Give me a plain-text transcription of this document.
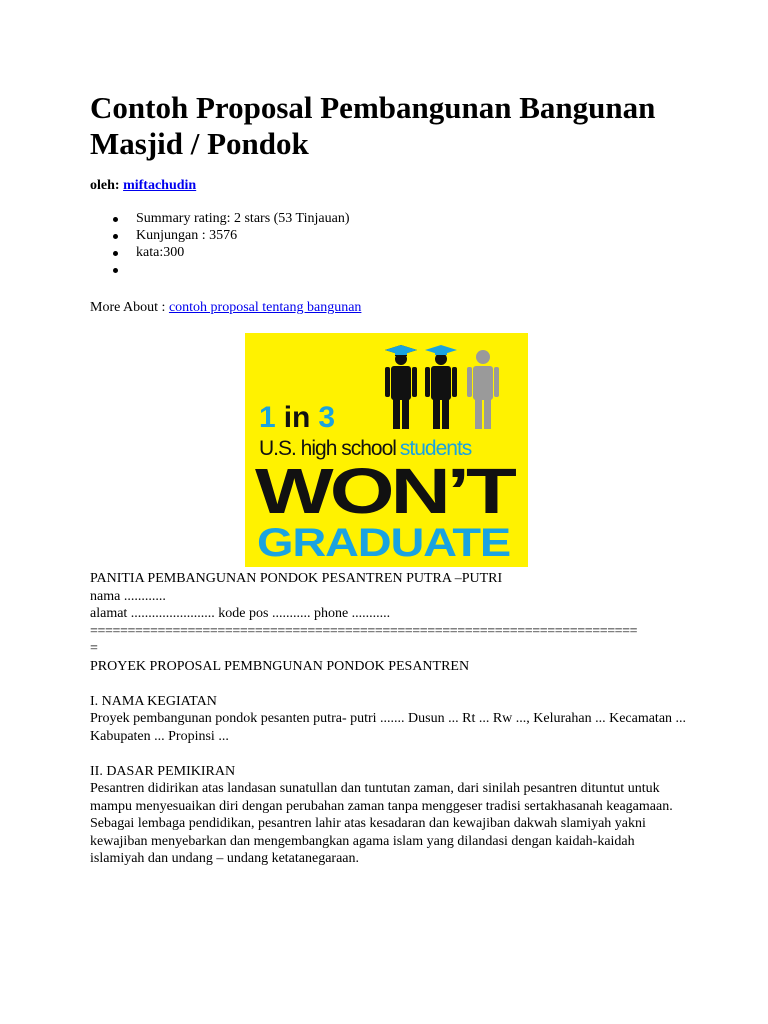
Contoh Proposal Pembangunan Bangunan Masjid / Pondok
oleh: miftachudin
Summary rating: 2 stars (53 Tinjauan)
Kunjungan : 3576
kata:300
More About : contoh proposal tentang bangunan
1 in 3
U.S. high school students
WON’T
GRADUATE

PANITIA PEMBANGUNAN PONDOK PESANTREN PUTRA –PUTRI

nama ............

alamat ........................ kode pos ........... phone ...........

=========================================================================

=

PROYEK PROPOSAL PEMBNGUNAN PONDOK PESANTREN

I. NAMA KEGIATAN

Proyek pembangunan pondok pesanten putra- putri ....... Dusun ... Rt ... Rw ..., Kelurahan ... Kecamatan ... Kabupaten ... Propinsi ...

II. DASAR PEMIKIRAN

Pesantren didirikan atas landasan sunatullan dan tuntutan zaman, dari sinilah pesantren dituntut untuk mampu menyesuaikan diri dengan perubahan zaman tanpa menggeser tradisi sertakhasanah keagamaan.

Sebagai lembaga pendidikan, pesantren lahir atas kesadaran dan kewajiban dakwah slamiyah yakni kewajiban menyebarkan dan mengembangkan agama islam yang dilandasi dengan kaidah-kaidah islamiyah dan undang – undang ketatanegaraan.
